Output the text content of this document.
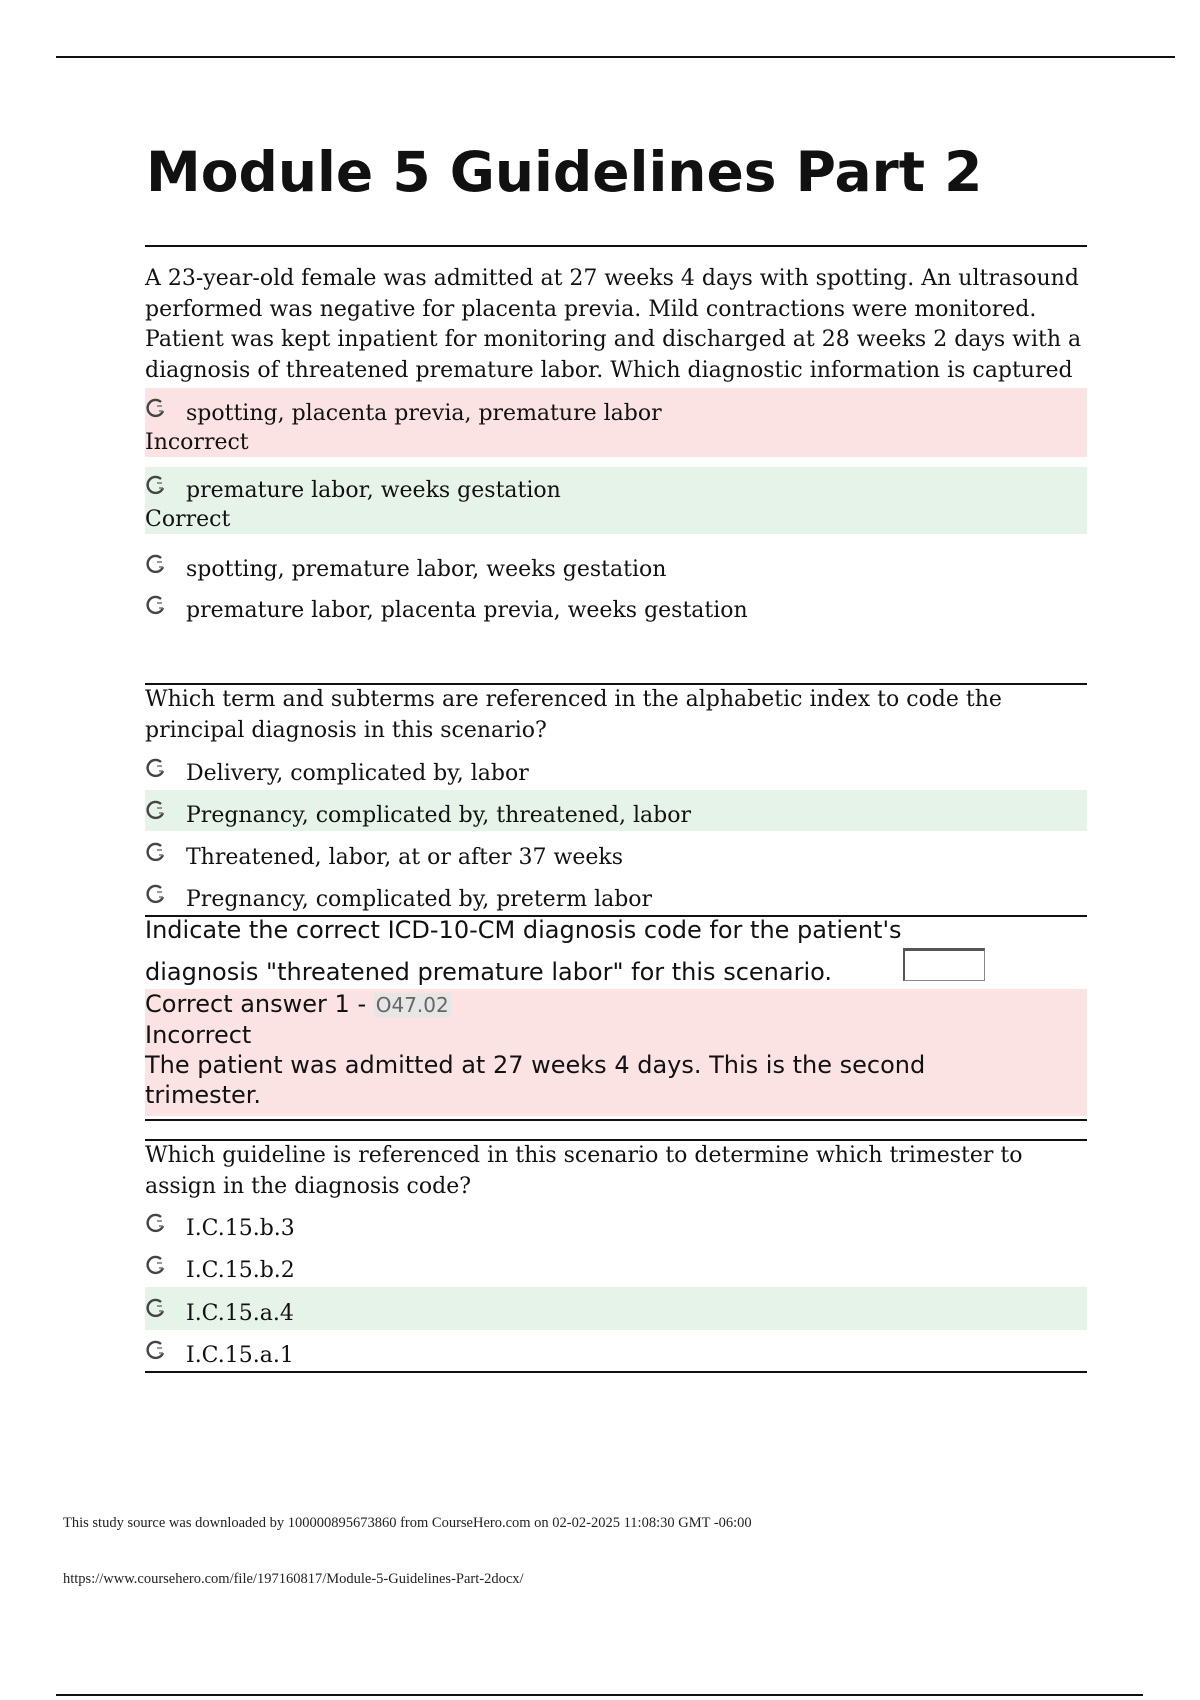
Module 5 Guidelines Part 2
A 23-year-old female was admitted at 27 weeks 4 days with spotting. An ultrasound performed was negative for placenta previa. Mild contractions were monitored. Patient was kept inpatient for monitoring and discharged at 28 weeks 2 days with a diagnosis of threatened premature labor. Which diagnostic information is captured
spotting, placenta previa, premature labor
Incorrect
premature labor, weeks gestation
Correct
spotting, premature labor, weeks gestation
premature labor, placenta previa, weeks gestation
Which term and subterms are referenced in the alphabetic index to code the principal diagnosis in this scenario?
Delivery, complicated by, labor
Pregnancy, complicated by, threatened, labor
Threatened, labor, at or after 37 weeks
Pregnancy, complicated by, preterm labor
Indicate the correct ICD-10-CM diagnosis code for the patient's
diagnosis "threatened premature labor" for this scenario.
Correct answer 1 - O47.02
Incorrect
The patient was admitted at 27 weeks 4 days. This is the second trimester.
Which guideline is referenced in this scenario to determine which trimester to assign in the diagnosis code?
I.C.15.b.3
I.C.15.b.2
I.C.15.a.4
I.C.15.a.1
This study source was downloaded by 100000895673860 from CourseHero.com on 02-02-2025 11:08:30 GMT -06:00
https://www.coursehero.com/file/197160817/Module-5-Guidelines-Part-2docx/
